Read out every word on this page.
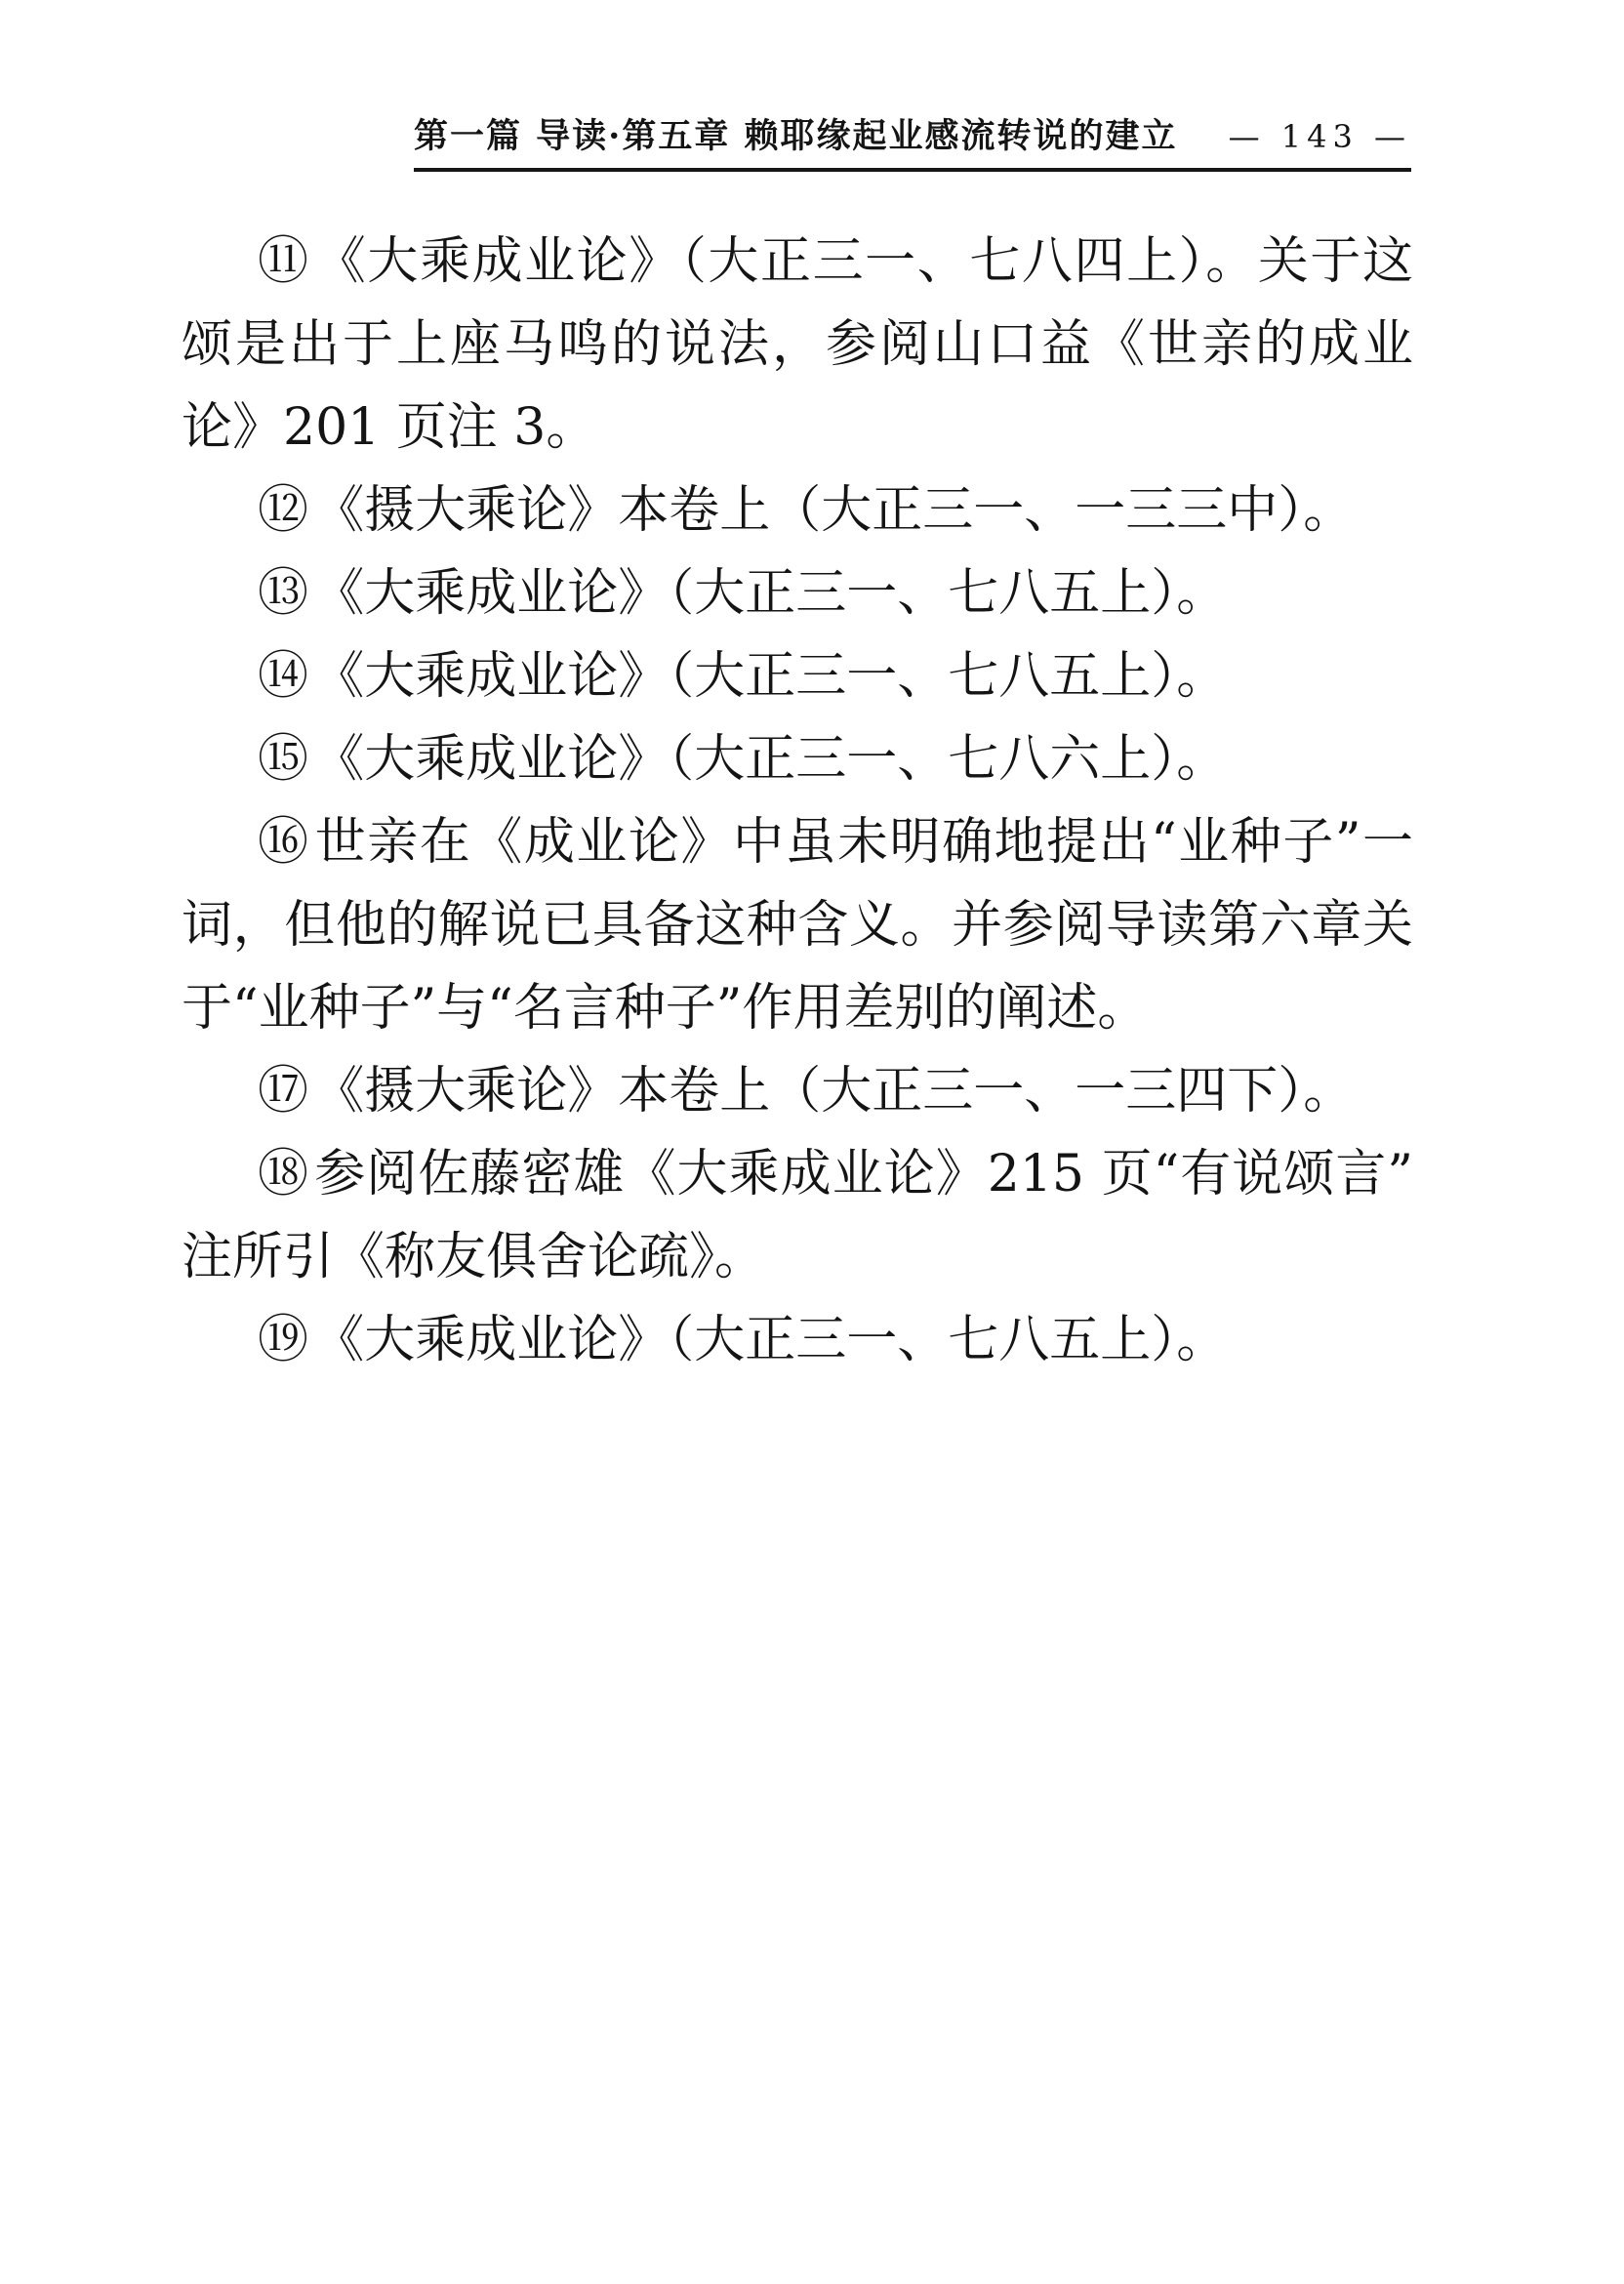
第一篇 导读·第五章 赖耶缘起业感流转说的建立 — 143 —

⑪《大乘成业论》（大正三一、七八四上）。关于这颂是出于上座马鸣的说法，参阅山口益《世亲的成业论》201 页注 3。

⑫《摄大乘论》本卷上（大正三一、一三三中）。

⑬《大乘成业论》（大正三一、七八五上）。

⑭《大乘成业论》（大正三一、七八五上）。

⑮《大乘成业论》（大正三一、七八六上）。

⑯世亲在《成业论》中虽未明确地提出“业种子”一词，但他的解说已具备这种含义。并参阅导读第六章关于“业种子”与“名言种子”作用差别的阐述。

⑰《摄大乘论》本卷上（大正三一、一三四下）。

⑱参阅佐藤密雄《大乘成业论》215 页“有说颂言”注所引《称友俱舍论疏》。

⑲《大乘成业论》（大正三一、七八五上）。
